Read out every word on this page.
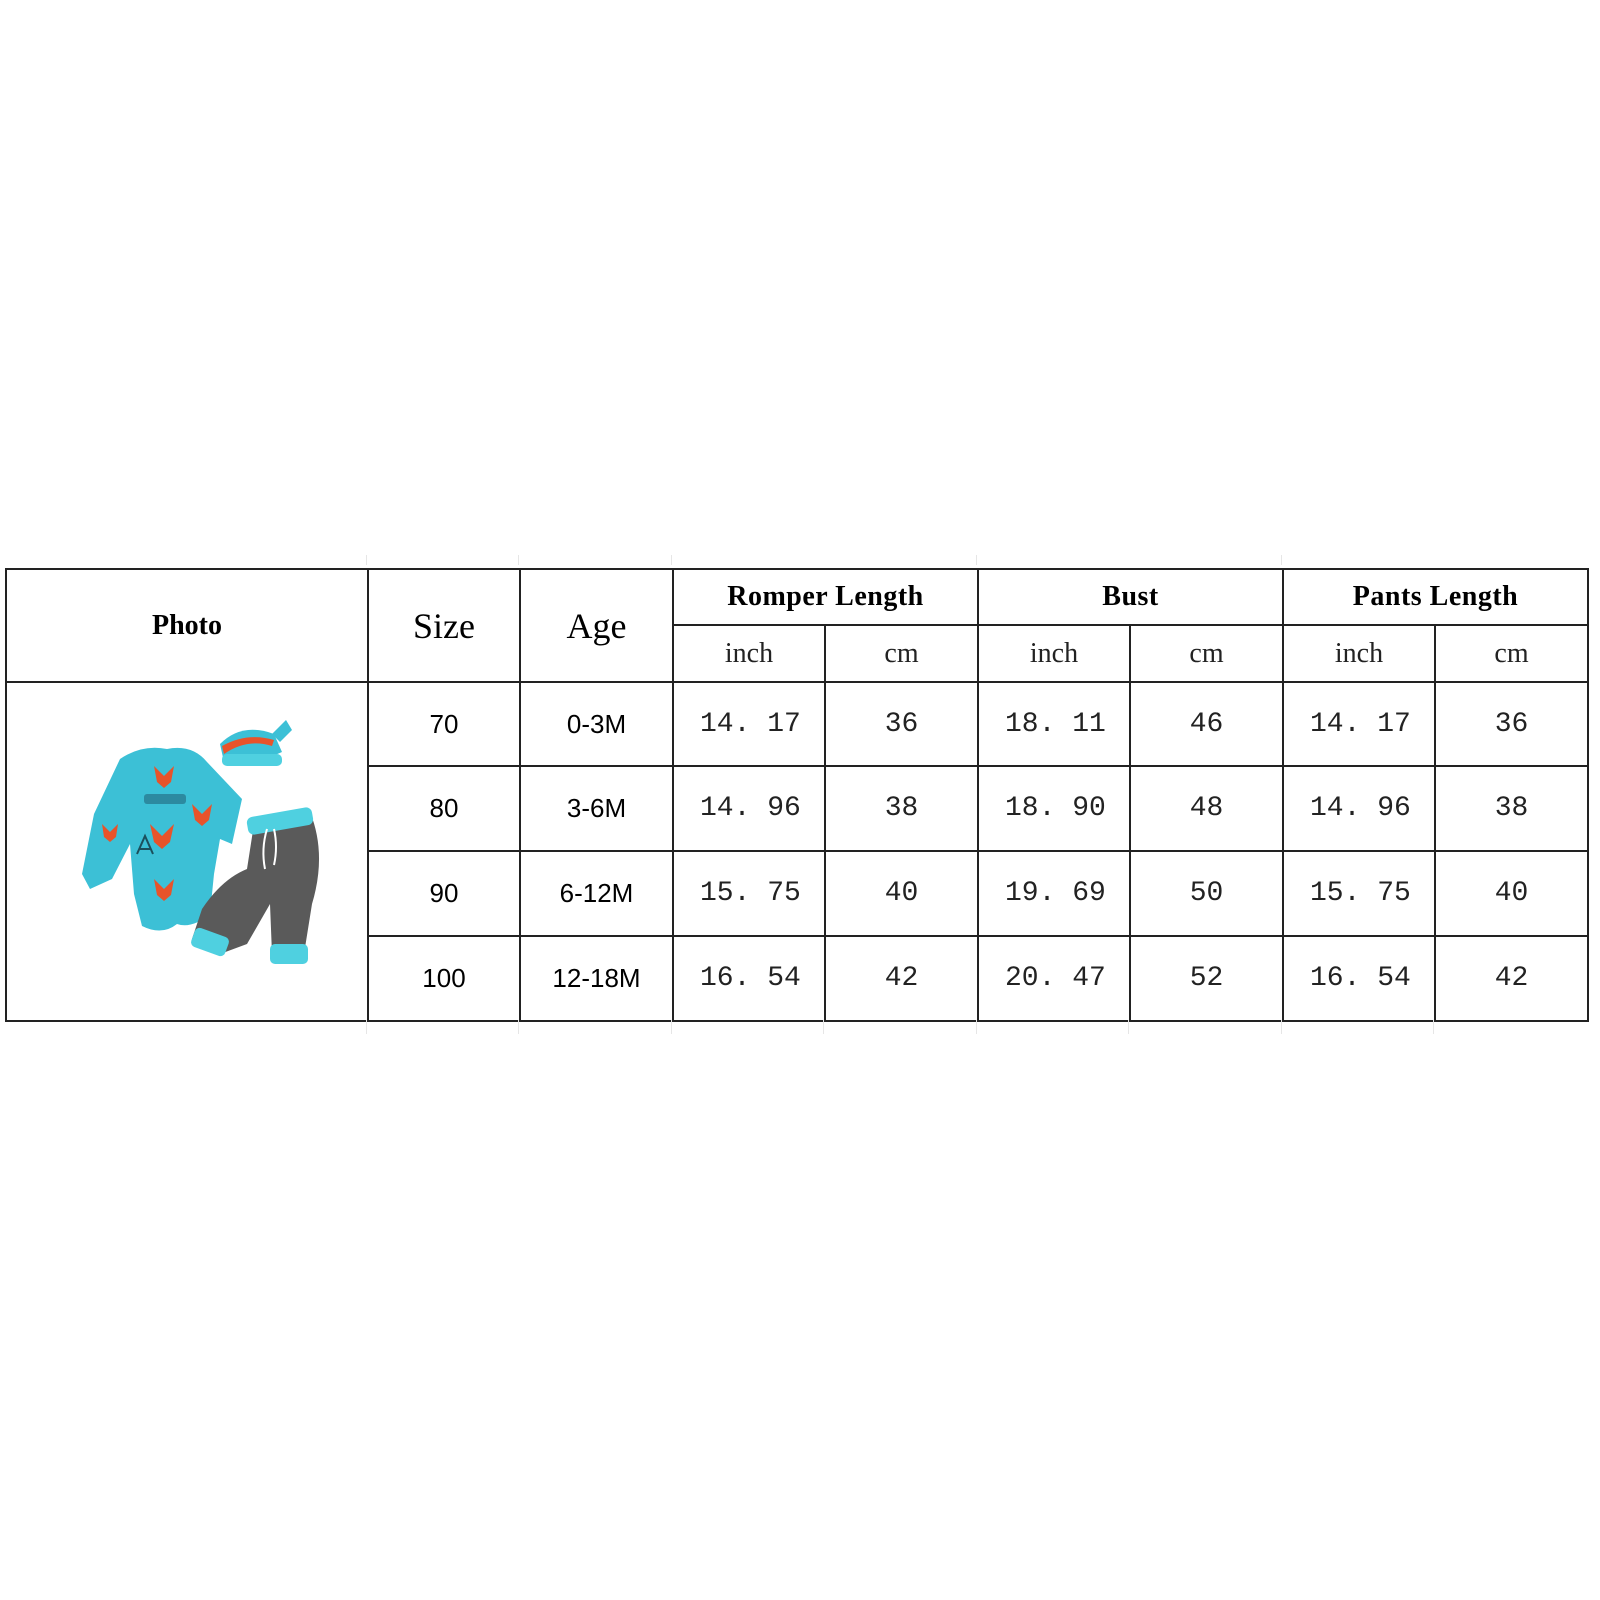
Photo	Size	Age	Romper Length		Bust		Pants Length	
			inch	cm	inch	cm	inch	cm
	70	0-3M	14. 17	36	18. 11	46	14. 17	36
	80	3-6M	14. 96	38	18. 90	48	14. 96	38
	90	6-12M	15. 75	40	19. 69	50	15. 75	40
	100	12-18M	16. 54	42	20. 47	52	16. 54	42
